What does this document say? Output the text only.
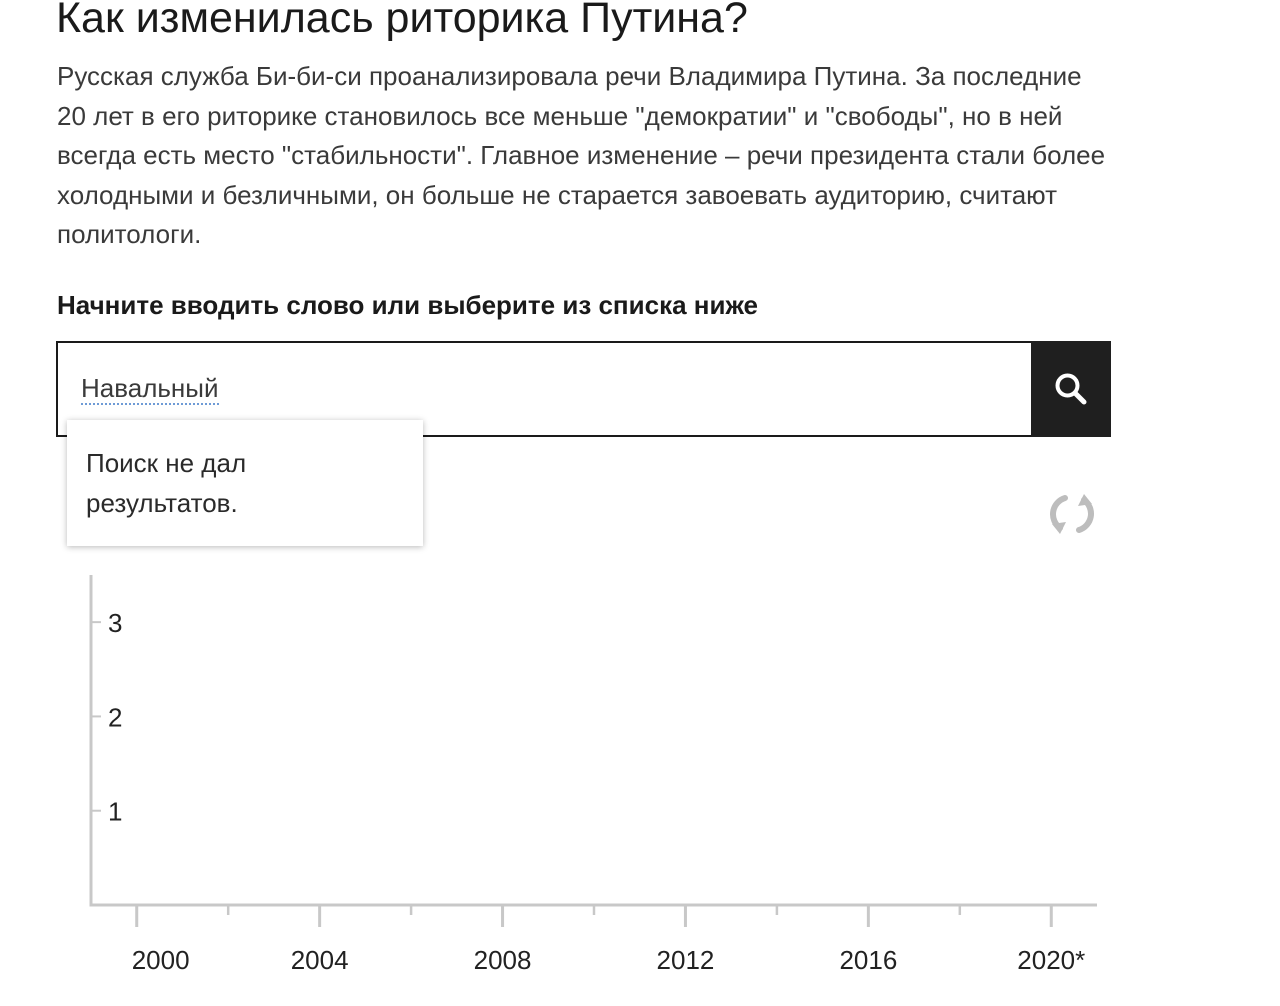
Как изменилась риторика Путина?

Русская служба Би-би-си проанализировала речи Владимира Путина. За последние 20 лет в его риторике становилось все меньше "демократии" и "свободы", но в ней всегда есть место "стабильности". Главное изменение – речи президента стали более холодными и безличными, он больше не старается завоевать аудиторию, считают политологи.

Начните вводить слово или выберите из списка ниже
Навальный
1
2
3
2000	2004	2008	2012	2016	2020*
Поиск не дал результатов.
